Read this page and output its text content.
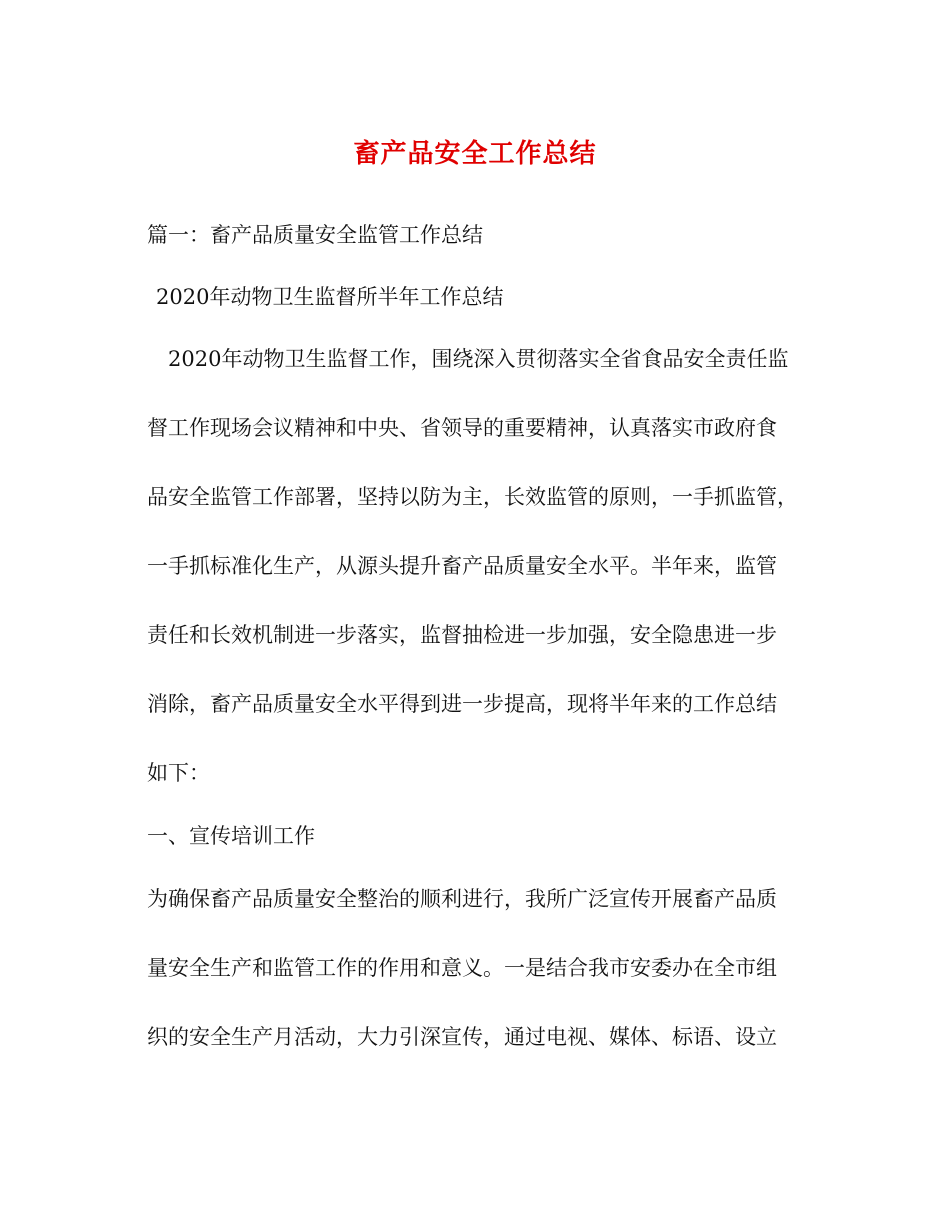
畜产品安全工作总结
篇一：畜产品质量安全监管工作总结
2020年动物卫生监督所半年工作总结
2020年动物卫生监督工作，围绕深入贯彻落实全省食品安全责任监
督工作现场会议精神和中央、省领导的重要精神，认真落实市政府食
品安全监管工作部署，坚持以防为主，长效监管的原则，一手抓监管，
一手抓标准化生产，从源头提升畜产品质量安全水平。半年来，监管
责任和长效机制进一步落实，监督抽检进一步加强，安全隐患进一步
消除，畜产品质量安全水平得到进一步提高，现将半年来的工作总结
如下：
一、宣传培训工作
为确保畜产品质量安全整治的顺利进行，我所广泛宣传开展畜产品质
量安全生产和监管工作的作用和意义。一是结合我市安委办在全市组
织的安全生产月活动，大力引深宣传，通过电视、媒体、标语、设立
